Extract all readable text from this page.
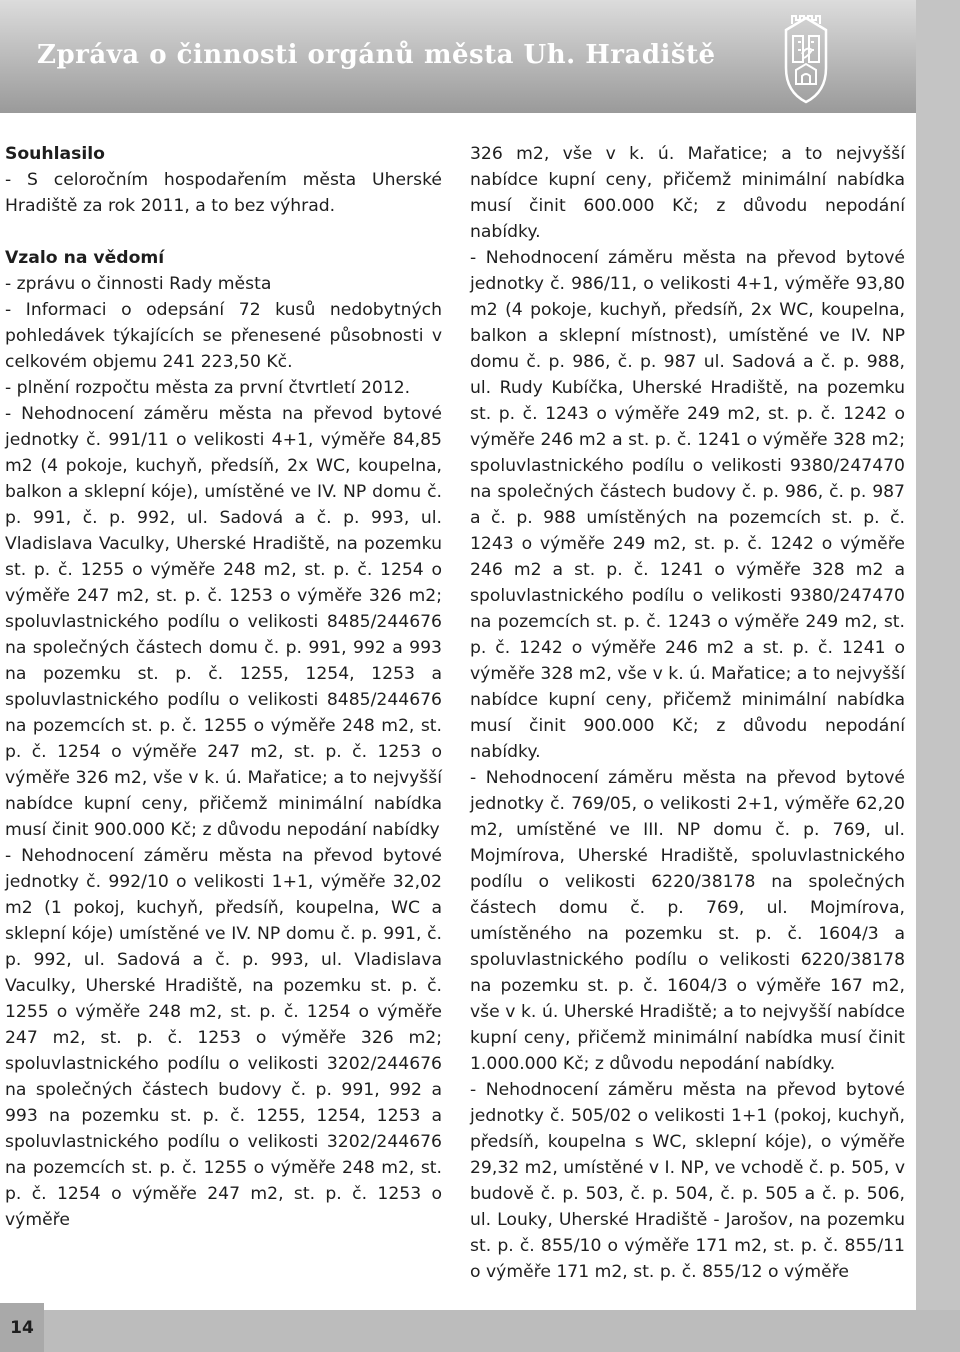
Zpráva o činnosti orgánů města Uh. Hradiště

Souhlasilo

- S celoročním hospodařením města Uherské Hradiště za rok 2011, a to bez výhrad.

Vzalo na vědomí

- zprávu o činnosti Rady města

- Informaci o odepsání 72 kusů nedobytných pohledávek týkajících se přenesené působnosti v celkovém objemu 241 223,50 Kč.

- plnění rozpočtu města za první čtvrtletí 2012.

- Nehodnocení záměru města na převod bytové jednotky č. 991/11 o velikosti 4+1, výměře 84,85 m2 (4 pokoje, kuchyň, předsíň, 2x WC, koupelna, balkon a sklepní kóje), umístěné ve IV. NP domu č. p. 991, č. p. 992, ul. Sadová a č. p. 993, ul. Vladislava Vaculky, Uherské Hradiště, na pozemku st. p. č. 1255 o výměře 248 m2, st. p. č. 1254 o výměře 247 m2, st. p. č. 1253 o výměře 326 m2; spoluvlastnického podílu o velikosti 8485/244676 na společných částech domu č. p. 991, 992 a 993 na pozemku st. p. č. 1255, 1254, 1253 a spoluvlastnického podílu o velikosti 8485/244676 na pozemcích st. p. č. 1255 o výměře 248 m2, st. p. č. 1254 o výměře 247 m2, st. p. č. 1253 o výměře 326 m2, vše v k. ú. Mařatice; a to nejvyšší nabídce kupní ceny, přičemž minimální nabídka musí činit 900.000 Kč; z důvodu nepodání nabídky

- Nehodnocení záměru města na převod bytové jednotky č. 992/10 o velikosti 1+1, výměře 32,02 m2 (1 pokoj, kuchyň, předsíň, koupelna, WC a sklepní kóje) umístěné ve IV. NP domu č. p. 991, č. p. 992, ul. Sadová a č. p. 993, ul. Vladislava Vaculky, Uherské Hradiště, na pozemku st. p. č. 1255 o výměře 248 m2, st. p. č. 1254 o výměře 247 m2, st. p. č. 1253 o výměře 326 m2; spoluvlastnického podílu o velikosti 3202/244676 na společných částech budovy č. p. 991, 992 a 993 na pozemku st. p. č. 1255, 1254, 1253 a spoluvlastnického podílu o velikosti 3202/244676 na pozemcích st. p. č. 1255 o výměře 248 m2, st. p. č. 1254 o výměře 247 m2, st. p. č. 1253 o výměře

326 m2, vše v k. ú. Mařatice; a to nejvyšší nabídce kupní ceny, přičemž minimální nabídka musí činit 600.000 Kč; z důvodu nepodání nabídky.

- Nehodnocení záměru města na převod bytové jednotky č. 986/11, o velikosti 4+1, výměře 93,80 m2 (4 pokoje, kuchyň, předsíň, 2x WC, koupelna, balkon a sklepní místnost), umístěné ve IV. NP domu č. p. 986, č. p. 987 ul. Sadová a č. p. 988, ul. Rudy Kubíčka, Uherské Hradiště, na pozemku st. p. č. 1243 o výměře 249 m2, st. p. č. 1242 o výměře 246 m2 a st. p. č. 1241 o výměře 328 m2; spoluvlastnického podílu o velikosti 9380/247470 na společných částech budovy č. p. 986, č. p. 987 a č. p. 988 umístěných na pozemcích st. p. č. 1243 o výměře 249 m2, st. p. č. 1242 o výměře 246 m2 a st. p. č. 1241 o výměře 328 m2 a spoluvlastnického podílu o velikosti 9380/247470 na pozemcích st. p. č. 1243 o výměře 249 m2, st. p. č. 1242 o výměře 246 m2 a st. p. č. 1241 o výměře 328 m2, vše v k. ú. Mařatice; a to nejvyšší nabídce kupní ceny, přičemž minimální nabídka musí činit 900.000 Kč; z důvodu nepodání nabídky.

- Nehodnocení záměru města na převod bytové jednotky č. 769/05, o velikosti 2+1, výměře 62,20 m2, umístěné ve III. NP domu č. p. 769, ul. Mojmírova, Uherské Hradiště, spoluvlastnického podílu o velikosti 6220/38178 na společných částech domu č. p. 769, ul. Mojmírova, umístěného na pozemku st. p. č. 1604/3 a spoluvlastnického podílu o velikosti 6220/38178 na pozemku st. p. č. 1604/3 o výměře 167 m2, vše v k. ú. Uherské Hradiště; a to nejvyšší nabídce kupní ceny, přičemž minimální nabídka musí činit 1.000.000 Kč; z důvodu nepodání nabídky.

- Nehodnocení záměru města na převod bytové jednotky č. 505/02 o velikosti 1+1 (pokoj, kuchyň, předsíň, koupelna s WC, sklepní kóje), o výměře 29,32 m2, umístěné v I. NP, ve vchodě č. p. 505, v budově č. p. 503, č. p. 504, č. p. 505 a č. p. 506, ul. Louky, Uherské Hradiště - Jarošov, na pozemku st. p. č. 855/10 o výměře 171 m2, st. p. č. 855/11 o výměře 171 m2, st. p. č. 855/12 o výměře

14
